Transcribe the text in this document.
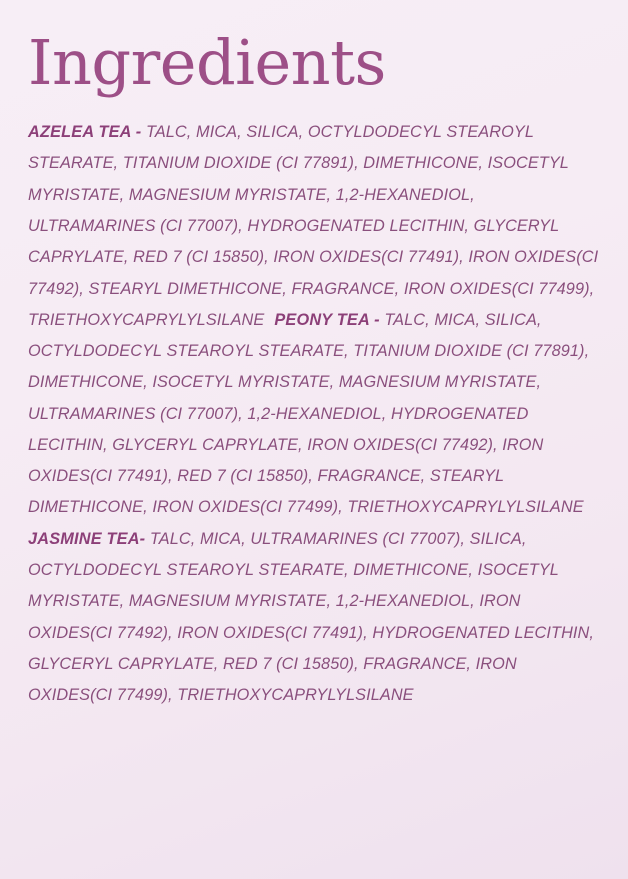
Ingredients
AZELEA TEA - TALC, MICA, SILICA, OCTYLDODECYL STEAROYL STEARATE, TITANIUM DIOXIDE (CI 77891), DIMETHICONE, ISOCETYL MYRISTATE, MAGNESIUM MYRISTATE, 1,2-HEXANEDIOL, ULTRAMARINES (CI 77007), HYDROGENATED LECITHIN, GLYCERYL CAPRYLATE, RED 7 (CI 15850), IRON OXIDES(CI 77491), IRON OXIDES(CI 77492), STEARYL DIMETHICONE, FRAGRANCE, IRON OXIDES(CI 77499), TRIETHOXYCAPRYLYLSILANE PEONY TEA - TALC, MICA, SILICA, OCTYLDODECYL STEAROYL STEARATE, TITANIUM DIOXIDE (CI 77891), DIMETHICONE, ISOCETYL MYRISTATE, MAGNESIUM MYRISTATE, ULTRAMARINES (CI 77007), 1,2-HEXANEDIOL, HYDROGENATED LECITHIN, GLYCERYL CAPRYLATE, IRON OXIDES(CI 77492), IRON OXIDES(CI 77491), RED 7 (CI 15850), FRAGRANCE, STEARYL DIMETHICONE, IRON OXIDES(CI 77499), TRIETHOXYCAPRYLYLSILANEJASMINE TEA- TALC, MICA, ULTRAMARINES (CI 77007), SILICA, OCTYLDODECYL STEAROYL STEARATE, DIMETHICONE, ISOCETYL MYRISTATE, MAGNESIUM MYRISTATE, 1,2-HEXANEDIOL, IRON OXIDES(CI 77492), IRON OXIDES(CI 77491), HYDROGENATED LECITHIN, GLYCERYL CAPRYLATE, RED 7 (CI 15850), FRAGRANCE, IRON OXIDES(CI 77499), TRIETHOXYCAPRYLYLSILANE
